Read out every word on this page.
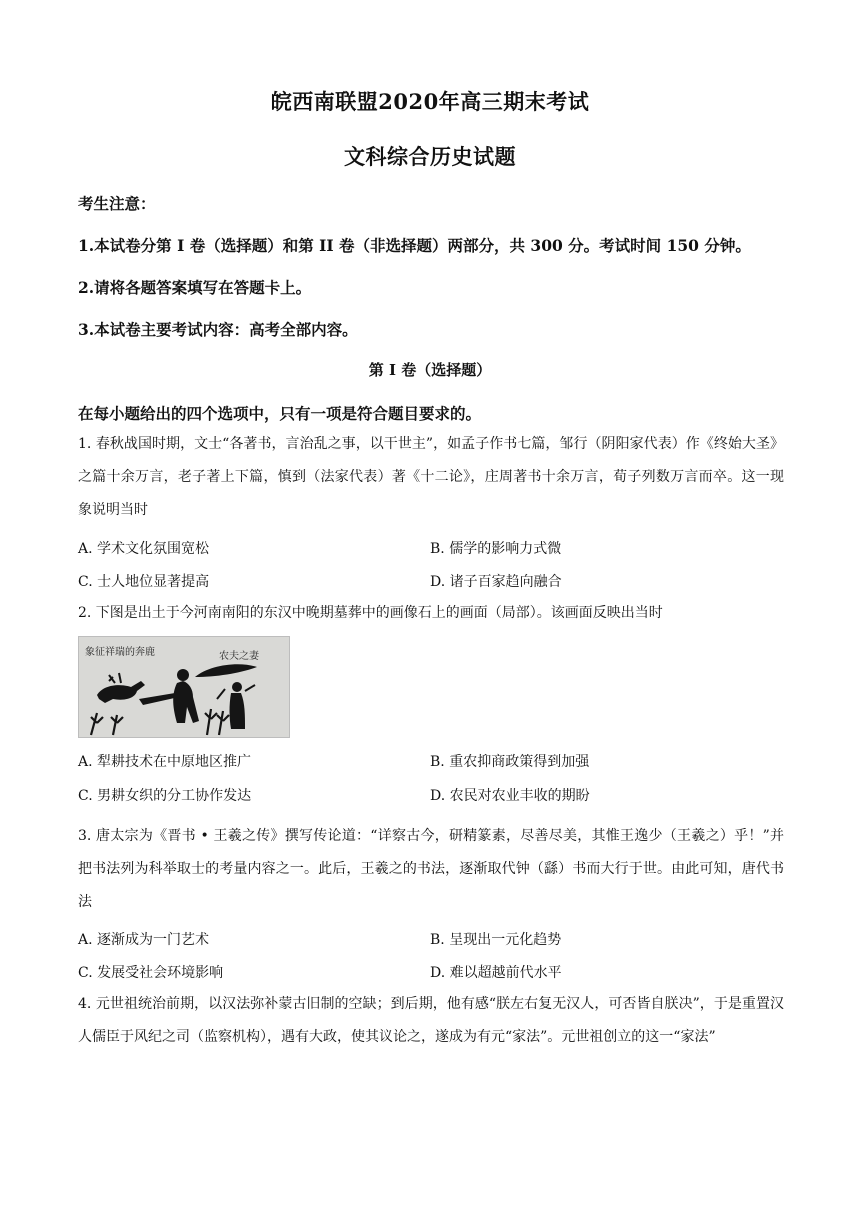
皖西南联盟2020年高三期末考试
文科综合历史试题
考生注意：
1.本试卷分第 I 卷（选择题）和第 II 卷（非选择题）两部分，共 300 分。考试时间 150 分钟。
2.请将各题答案填写在答题卡上。
3.本试卷主要考试内容：高考全部内容。
第 I 卷（选择题）
在每小题给出的四个选项中，只有一项是符合题目要求的。
1. 春秋战国时期，文士“各著书，言治乱之事，以干世主”，如孟子作书七篇，邹行（阴阳家代表）作《终始大圣》之篇十余万言，老子著上下篇，慎到（法家代表）著《十二论》，庄周著书十余万言，荀子列数万言而卒。这一现象说明当时
A. 学术文化氛围宽松	B. 儒学的影响力式微
C. 士人地位显著提高	D. 诸子百家趋向融合
2. 下图是出土于今河南南阳的东汉中晚期墓葬中的画像石上的画面（局部）。该画面反映出当时
象征祥瑞的奔鹿	农夫之妻
A. 犁耕技术在中原地区推广	B. 重农抑商政策得到加强
C. 男耕女织的分工协作发达	D. 农民对农业丰收的期盼
3. 唐太宗为《晋书 • 王羲之传》撰写传论道：“详察古今，研精篆素，尽善尽美，其惟王逸少（王羲之）乎！”并把书法列为科举取士的考量内容之一。此后，王羲之的书法，逐渐取代钟（繇）书而大行于世。由此可知，唐代书法
A. 逐渐成为一门艺术	B. 呈现出一元化趋势
C. 发展受社会环境影响	D. 难以超越前代水平
4. 元世祖统治前期，以汉法弥补蒙古旧制的空缺；到后期，他有感“朕左右复无汉人，可否皆自朕决”，于是重置汉人儒臣于风纪之司（监察机构），遇有大政，使其议论之，遂成为有元“家法”。元世祖创立的这一“家法”
